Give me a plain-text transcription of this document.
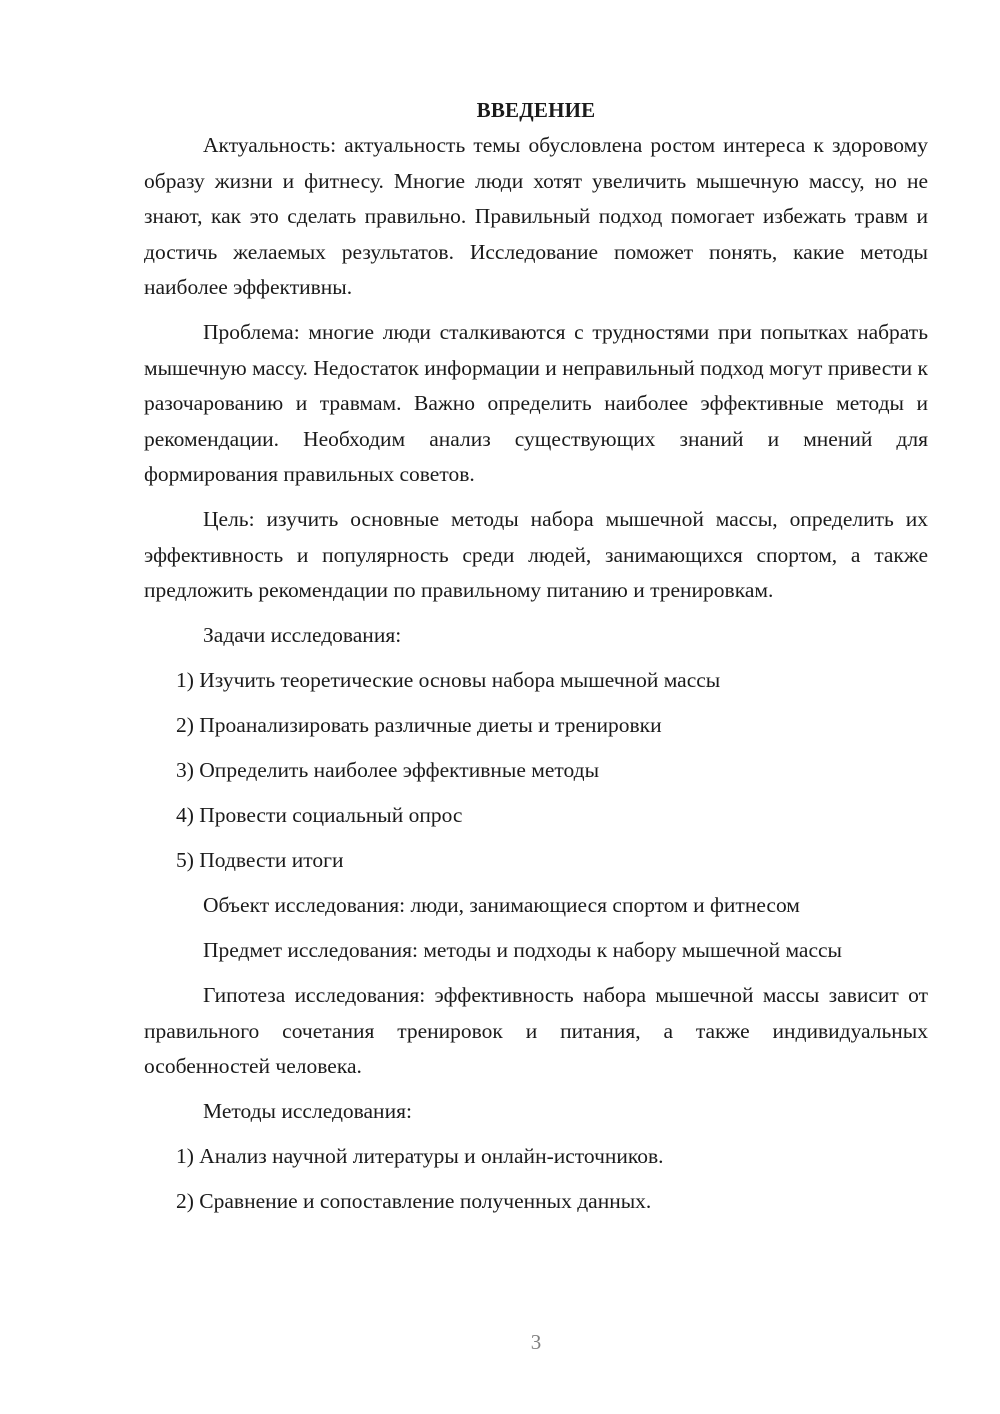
ВВЕДЕНИЕ

Актуальность: актуальность темы обусловлена ростом интереса к здоровому образу жизни и фитнесу. Многие люди хотят увеличить мышечную массу, но не знают, как это сделать правильно. Правильный подход помогает избежать травм и достичь желаемых результатов. Исследование поможет понять, какие методы наиболее эффективны.

Проблема: многие люди сталкиваются с трудностями при попытках набрать мышечную массу. Недостаток информации и неправильный подход могут привести к разочарованию и травмам. Важно определить наиболее эффективные методы и рекомендации. Необходим анализ существующих знаний и мнений для формирования правильных советов.

Цель: изучить основные методы набора мышечной массы, определить их эффективность и популярность среди людей, занимающихся спортом, а также предложить рекомендации по правильному питанию и тренировкам.

Задачи исследования:
1) Изучить теоретические основы набора мышечной массы
2) Проанализировать различные диеты и тренировки
3) Определить наиболее эффективные методы
4) Провести социальный опрос
5) Подвести итоги

Объект исследования: люди, занимающиеся спортом и фитнесом

Предмет исследования: методы и подходы к набору мышечной массы

Гипотеза исследования: эффективность набора мышечной массы зависит от правильного сочетания тренировок и питания, а также индивидуальных особенностей человека.

Методы исследования:
1) Анализ научной литературы и онлайн-источников.
2) Сравнение и сопоставление полученных данных.
3
